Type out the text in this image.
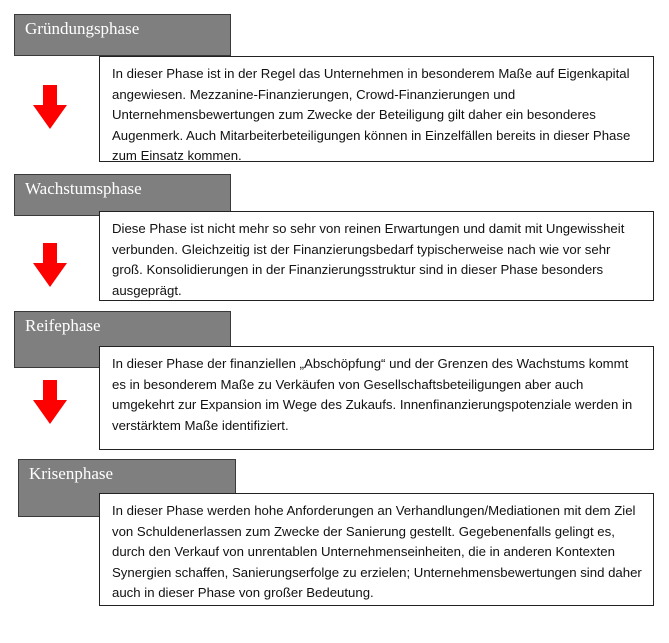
Gründungsphase
In dieser Phase ist in der Regel das Unternehmen in besonderem Maße auf Eigenkapital angewiesen. Mezzanine-Finanzierungen, Crowd-Finanzierungen und Unternehmensbewertungen zum Zwecke der Beteiligung gilt daher ein besonderes Augenmerk. Auch Mitarbeiterbeteiligungen können in Einzelfällen bereits in dieser Phase zum Einsatz kommen.
Wachstumsphase
Diese Phase ist nicht mehr so sehr von reinen Erwartungen und damit mit Ungewissheit verbunden. Gleichzeitig ist der Finanzierungsbedarf typischerweise nach wie vor sehr groß. Konsolidierungen in der Finanzierungsstruktur sind in dieser Phase besonders ausgeprägt.
Reifephase
In dieser Phase der finanziellen „Abschöpfung“ und der Grenzen des Wachstums kommt es in besonderem Maße zu Verkäufen von Gesellschaftsbeteiligungen aber auch umgekehrt zur Expansion im Wege des Zukaufs. Innenfinanzierungspotenziale werden in verstärktem Maße identifiziert.
Krisenphase
In dieser Phase werden hohe Anforderungen an Verhandlungen/Mediationen mit dem Ziel von Schuldenerlassen zum Zwecke der Sanierung gestellt. Gegebenenfalls gelingt es, durch den Verkauf von unrentablen Unternehmenseinheiten, die in anderen Kontexten Synergien schaffen, Sanierungserfolge zu erzielen; Unternehmensbewertungen sind daher auch in dieser Phase von großer Bedeutung.
